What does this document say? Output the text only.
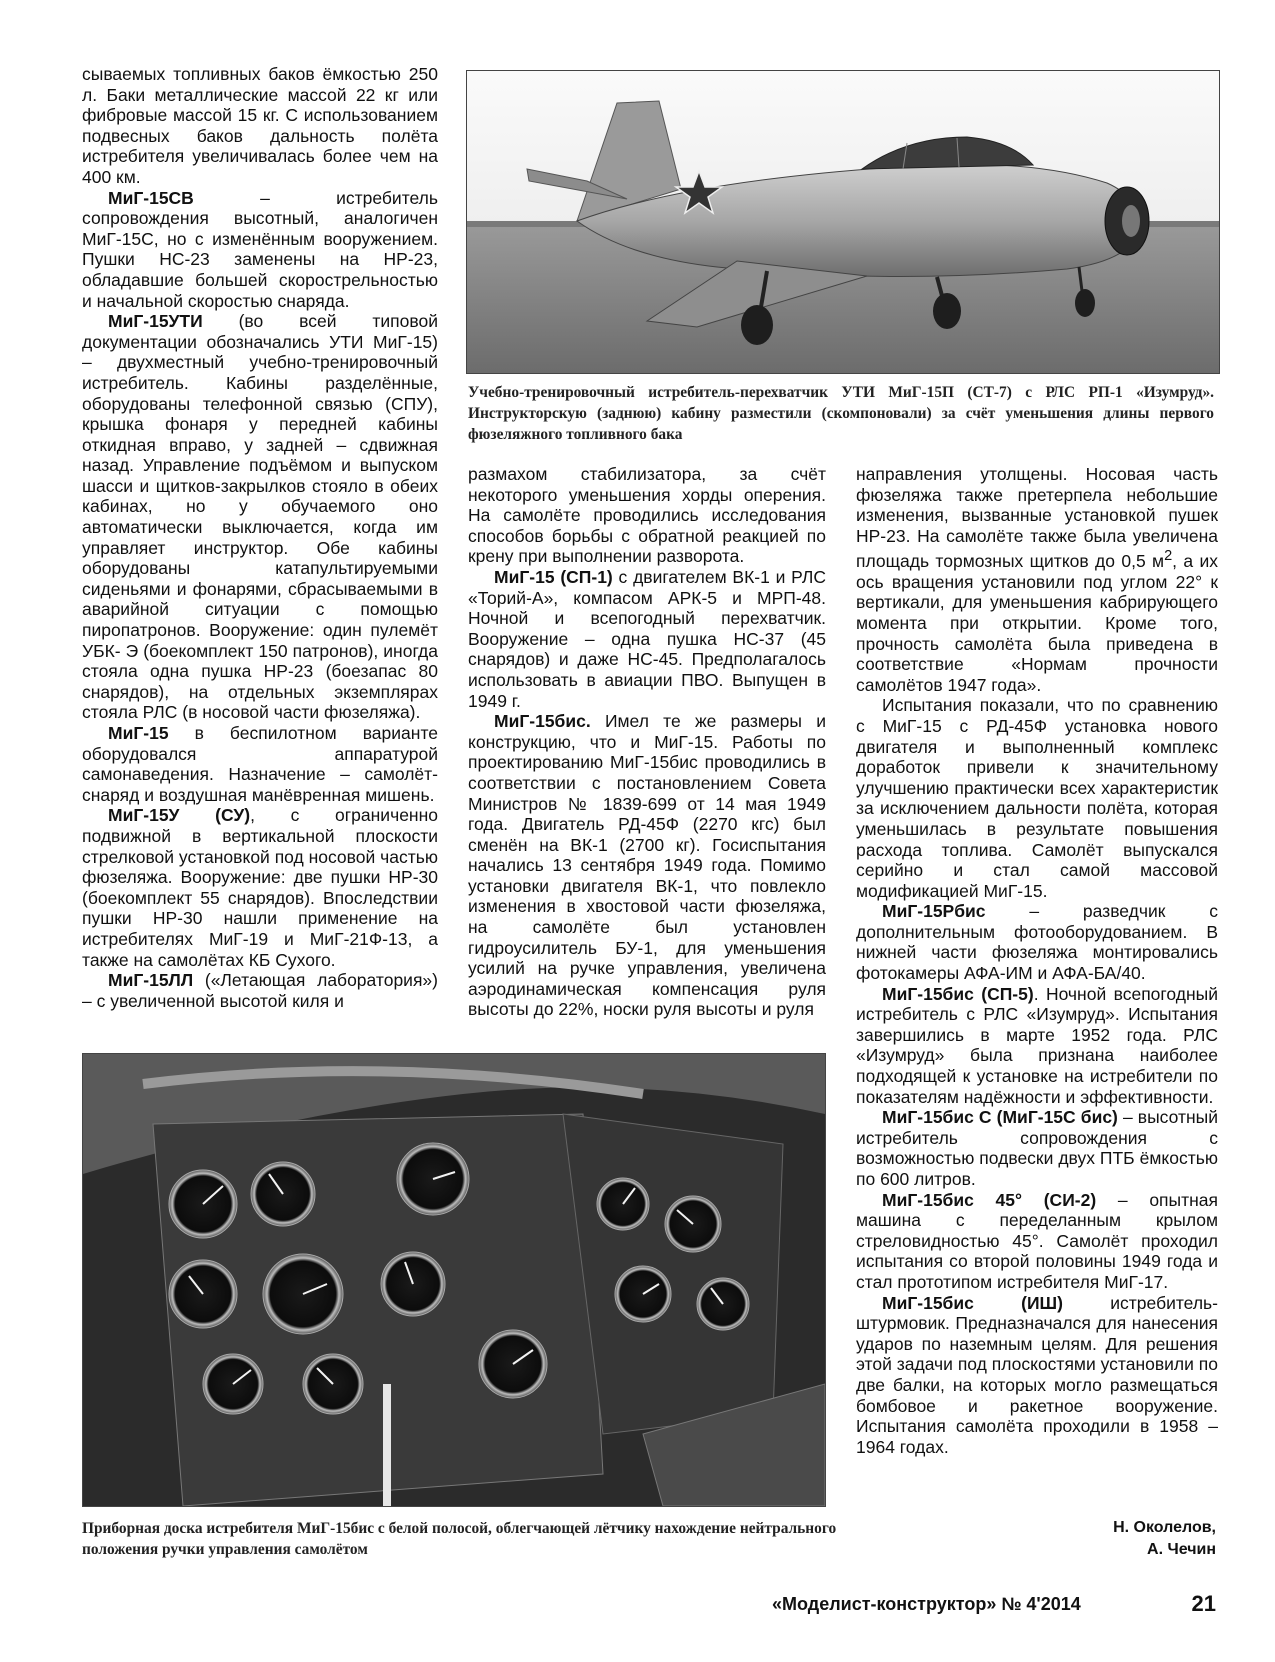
сываемых топливных баков ёмкостью 250 л. Баки металлические массой 22 кг или фибровые массой 15 кг. С использованием подвесных баков дальность полёта истребителя увеличивалась более чем на 400 км.

МиГ-15СВ – истребитель сопровождения высотный, аналогичен МиГ-15С, но с изменённым вооружением. Пушки НС-23 заменены на НР-23, обладавшие большей скорострельностью и начальной скоростью снаряда.

МиГ-15УТИ (во всей типовой документации обозначались УТИ МиГ-15) – двухместный учебно-тренировочный истребитель. Кабины разделённые, оборудованы телефонной связью (СПУ), крышка фонаря у передней кабины откидная вправо, у задней – сдвижная назад. Управление подъёмом и выпуском шасси и щитков-закрылков стояло в обеих кабинах, но у обучаемого оно автоматически выключается, когда им управляет инструктор. Обе кабины оборудованы катапультируемыми сиденьями и фонарями, сбрасываемыми в аварийной ситуации с помощью пиропатронов. Вооружение: один пулемёт УБК- Э (боекомплект 150 патронов), иногда стояла одна пушка НР-23 (боезапас 80 снарядов), на отдельных экземплярах стояла РЛС (в носовой части фюзеляжа).

МиГ-15 в беспилотном варианте оборудовался аппаратурой самонаведения. Назначение – самолёт-снаряд и воздушная манёвренная мишень.

МиГ-15У (СУ), с ограниченно подвижной в вертикальной плоскости стрелковой установкой под носовой частью фюзеляжа. Вооружение: две пушки НР-30 (боекомплект 55 снарядов). Впоследствии пушки НР-30 нашли применение на истребителях МиГ-19 и МиГ-21Ф-13, а также на самолётах КБ Сухого.

МиГ-15ЛЛ («Летающая лаборатория») – с увеличенной высотой киля и

Учебно-тренировочный истребитель-перехватчик УТИ МиГ-15П (СТ-7) с РЛС РП-1 «Изумруд». Инструкторскую (заднюю) кабину разместили (скомпоновали) за счёт уменьшения длины первого фюзеляжного топливного бака

размахом стабилизатора, за счёт некоторого уменьшения хорды оперения. На самолёте проводились исследования способов борьбы с обратной реакцией по крену при выполнении разворота.

МиГ-15 (СП-1) с двигателем ВК-1 и РЛС «Торий-А», компасом АРК-5 и МРП-48. Ночной и всепогодный перехватчик. Вооружение – одна пушка НС-37 (45 снарядов) и даже НС-45. Предполагалось использовать в авиации ПВО. Выпущен в 1949 г.

МиГ-15бис. Имел те же размеры и конструкцию, что и МиГ-15. Работы по проектированию МиГ-15бис проводились в соответствии с постановлением Совета Министров № 1839-699 от 14 мая 1949 года. Двигатель РД-45Ф (2270 кгс) был сменён на ВК-1 (2700 кг). Госиспытания начались 13 сентября 1949 года. Помимо установки двигателя ВК-1, что повлекло изменения в хвостовой части фюзеляжа, на самолёте был установлен гидроусилитель БУ-1, для уменьшения усилий на ручке управления, увеличена аэродинамическая компенсация руля высоты до 22%, носки руля высоты и руля

направления утолщены. Носовая часть фюзеляжа также претерпела небольшие изменения, вызванные установкой пушек НР-23. На самолёте также была увеличена площадь тормозных щитков до 0,5 $м^2$, а их ось вращения установили под углом 22° к вертикали, для уменьшения кабрирующего момента при открытии. Кроме того, прочность самолёта была приведена в соответствие «Нормам прочности самолётов 1947 года».

Испытания показали, что по сравнению с МиГ-15 с РД-45Ф установка нового двигателя и выполненный комплекс доработок привели к значительному улучшению практически всех характеристик за исключением дальности полёта, которая уменьшилась в результате повышения расхода топлива. Самолёт выпускался серийно и стал самой массовой модификацией МиГ-15.

МиГ-15Рбис – разведчик с дополнительным фотооборудованием. В нижней части фюзеляжа монтировались фотокамеры АФА-ИМ и АФА-БА/40.

МиГ-15бис (СП-5). Ночной всепогодный истребитель с РЛС «Изумруд». Испытания завершились в марте 1952 года. РЛС «Изумруд» была признана наиболее подходящей к установке на истребители по показателям надёжности и эффективности.

МиГ-15бис С (МиГ-15С бис) – высотный истребитель сопровождения с возможностью подвески двух ПТБ ёмкостью по 600 литров.

МиГ-15бис 45° (СИ-2) – опытная машина с переделанным крылом стреловидностью 45°. Самолёт проходил испытания со второй половины 1949 года и стал прототипом истребителя МиГ-17.

МиГ-15бис (ИШ) истребитель-штурмовик. Предназначался для нанесения ударов по наземным целям. Для решения этой задачи под плоскостями установили по две балки, на которых могло размещаться бомбовое и ракетное вооружение. Испытания самолёта проходили в 1958 – 1964 годах.

Приборная доска истребителя МиГ-15бис с белой полосой, облегчающей лётчику нахождение нейтрального положения ручки управления самолётом
Н. Околелов,
А. Чечин
«Моделист-конструктор» № 4'2014	21
